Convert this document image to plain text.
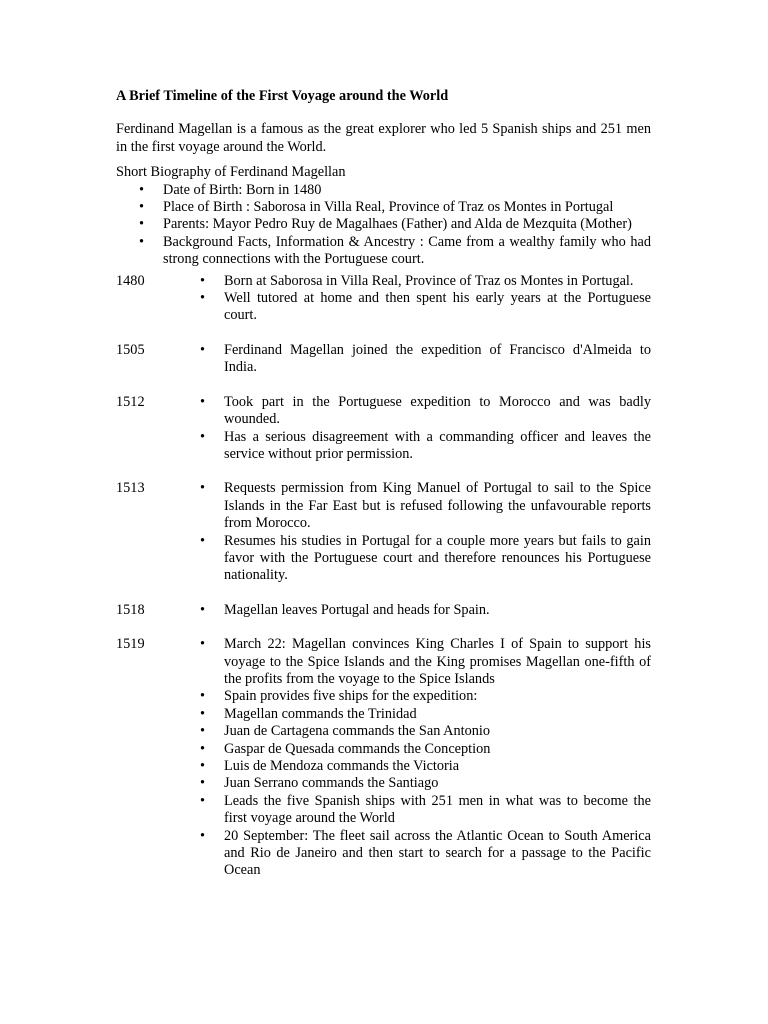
A Brief Timeline of the First Voyage around the World

Ferdinand Magellan is a famous as the great explorer who led 5 Spanish ships and 251 men in the first voyage around the World.

Short Biography of Ferdinand Magellan

• Date of Birth: Born in 1480
• Place of Birth : Saborosa in Villa Real, Province of Traz os Montes in Portugal
• Parents: Mayor Pedro Ruy de Magalhaes (Father) and Alda de Mezquita (Mother)
• Background Facts, Information & Ancestry : Came from a wealthy family who had strong connections with the Portuguese court.
1480	• Born at Saborosa in Villa Real, Province of Traz os Montes in Portugal.
• Well tutored at home and then spent his early years at the Portuguese court.
1505	• Ferdinand Magellan joined the expedition of Francisco d'Almeida to India.
1512	• Took part in the Portuguese expedition to Morocco and was badly wounded.
• Has a serious disagreement with a commanding officer and leaves the service without prior permission.
1513	• Requests permission from King Manuel of Portugal to sail to the Spice Islands in the Far East but is refused following the unfavourable reports from Morocco.
• Resumes his studies in Portugal for a couple more years but fails to gain favor with the Portuguese court and therefore renounces his Portuguese nationality.
1518	• Magellan leaves Portugal and heads for Spain.
1519	• March 22: Magellan convinces King Charles I of Spain to support his voyage to the Spice Islands and the King promises Magellan one-fifth of the profits from the voyage to the Spice Islands
• Spain provides five ships for the expedition:
• Magellan commands the Trinidad
• Juan de Cartagena commands the San Antonio
• Gaspar de Quesada commands the Conception
• Luis de Mendoza commands the Victoria
• Juan Serrano commands the Santiago
• Leads the five Spanish ships with 251 men in what was to become the first voyage around the World
• 20 September: The fleet sail across the Atlantic Ocean to South America and Rio de Janeiro and then start to search for a passage to the Pacific Ocean
